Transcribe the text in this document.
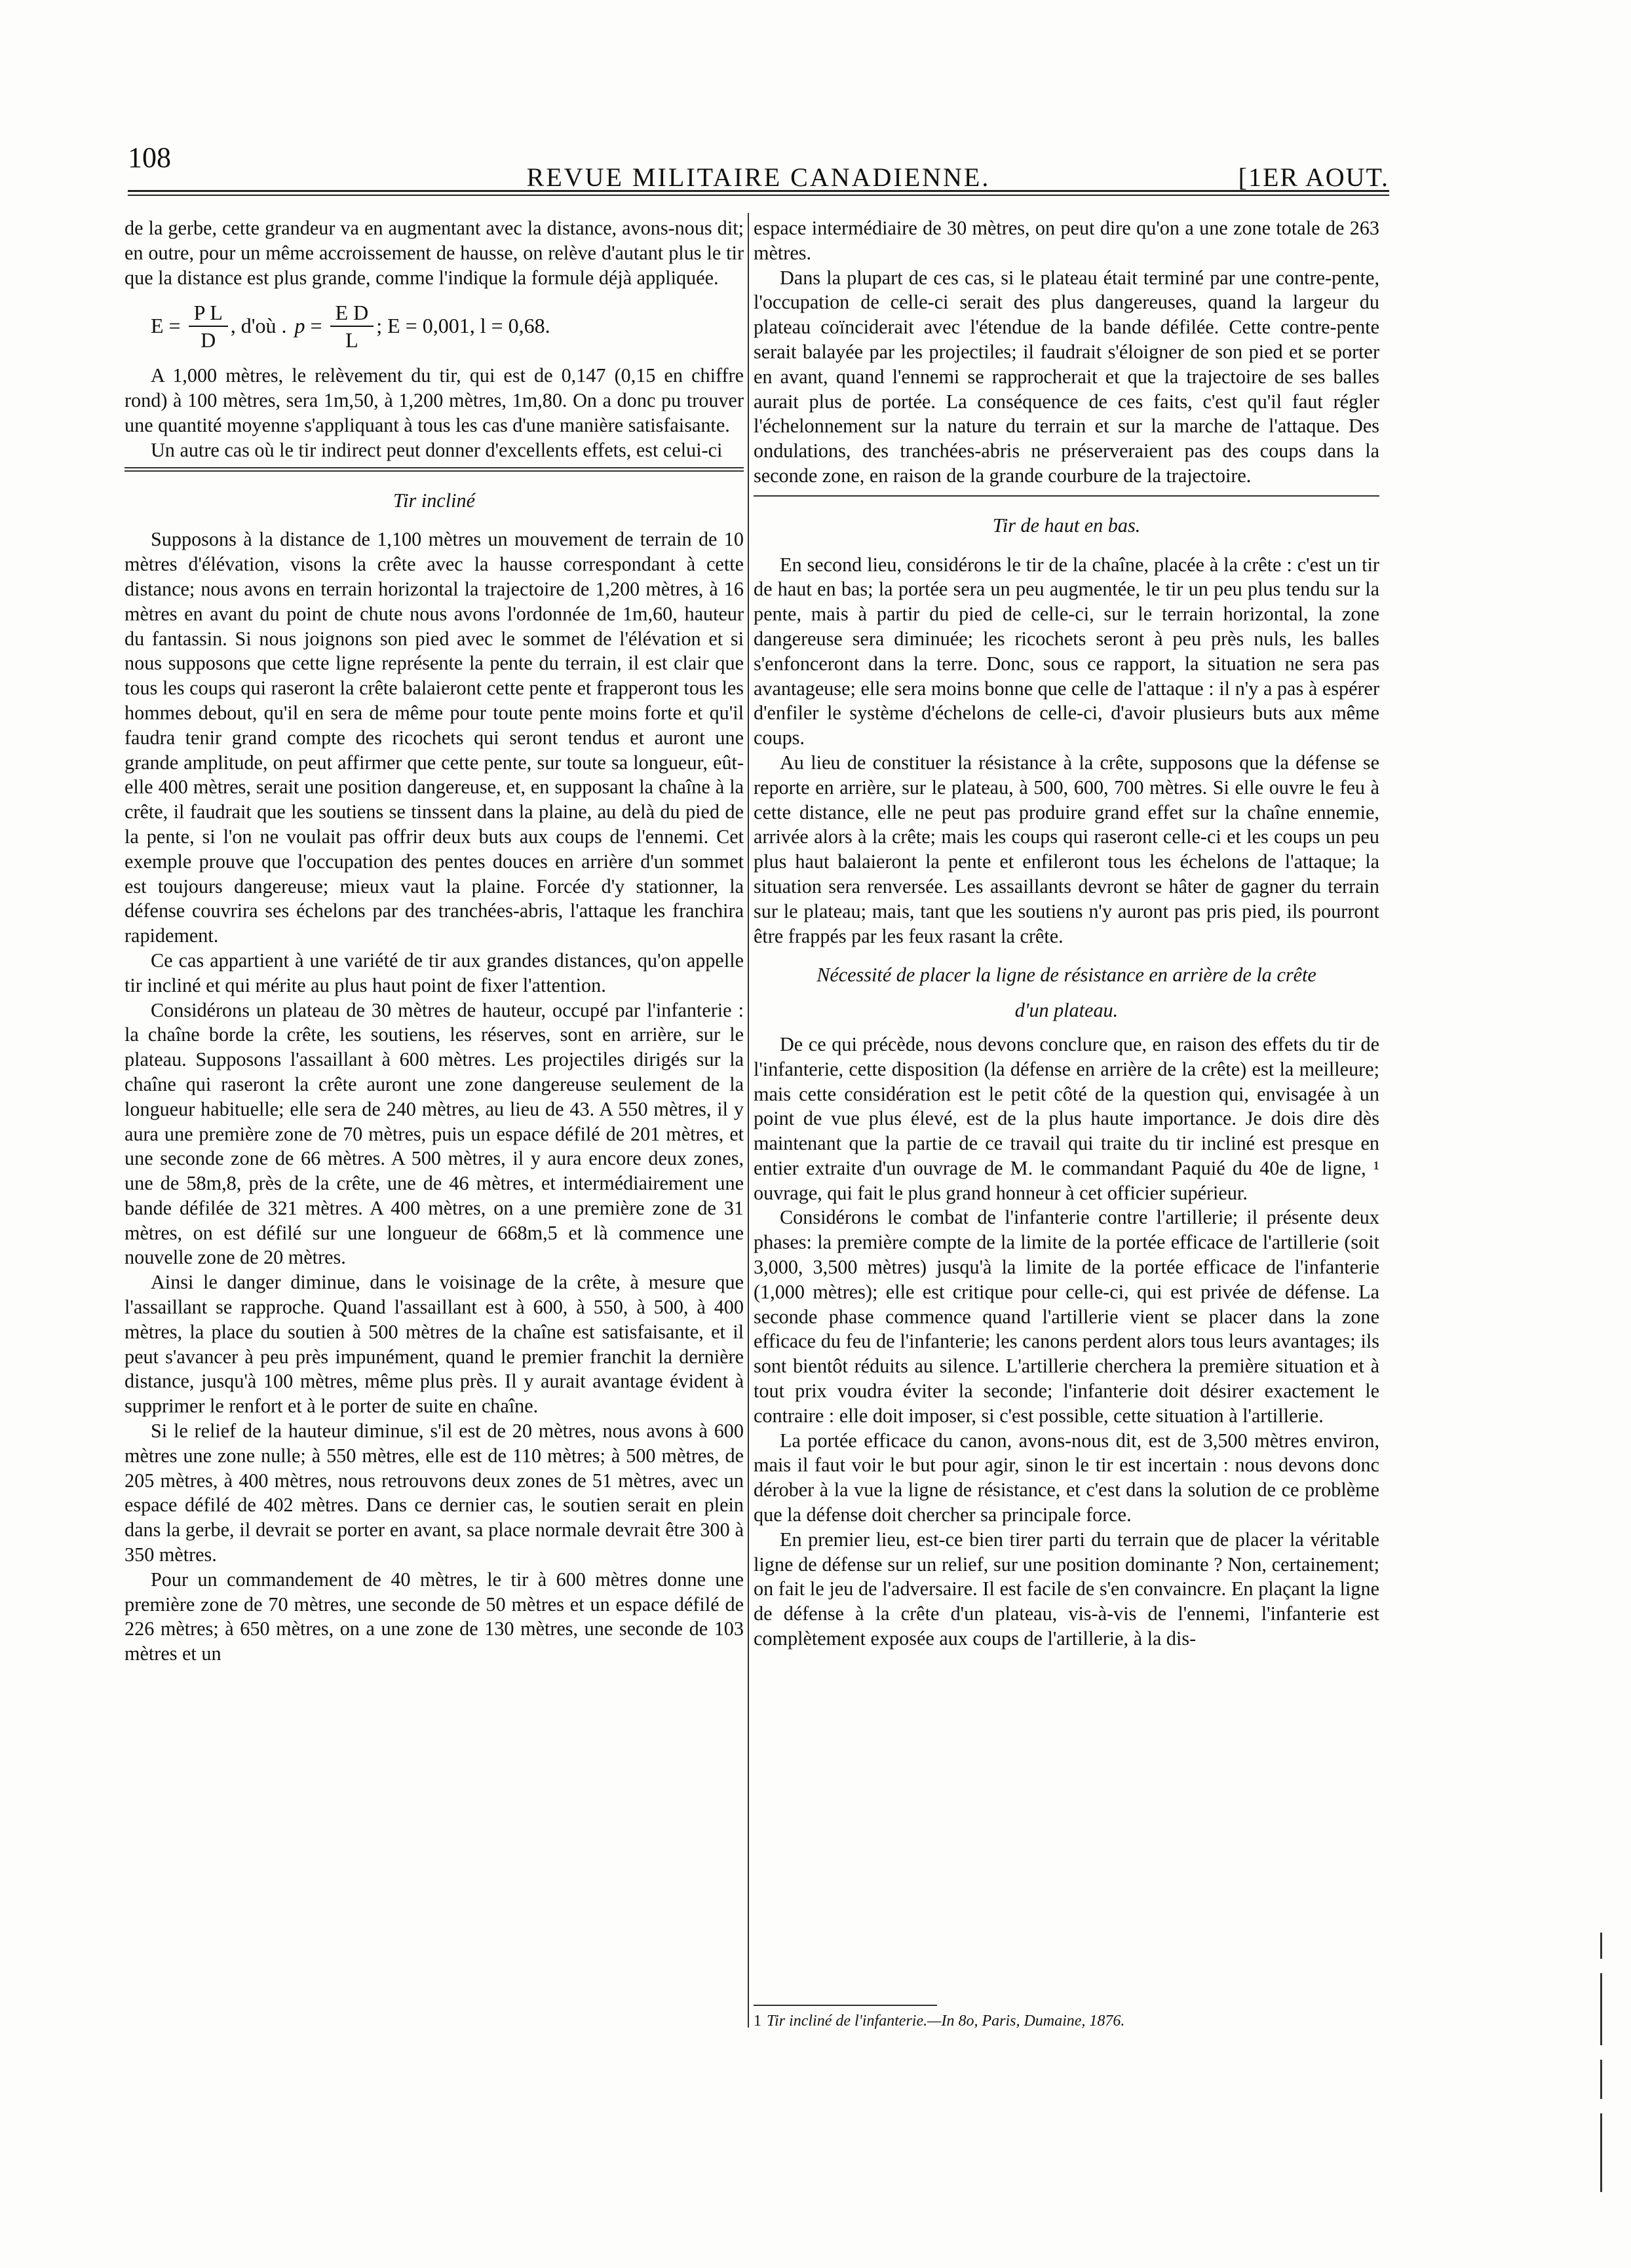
108
REVUE MILITAIRE CANADIENNE.	[1ER AOUT.

de la gerbe, cette grandeur va en augmentant avec la distance, avons-nous dit; en outre, pour un même accroissement de hausse, on relève d'autant plus le tir que la distance est plus grande, comme l'indique la formule déjà appliquée.

$E = \frac{\text{P L}}{D}$ , d'où . $p = \frac{\text{E D}}{L}$ ; E = 0,001, l = 0,68.

A 1,000 mètres, le relèvement du tir, qui est de 0,147 (0,15 en chiffre rond) à 100 mètres, sera 1m,50, à 1,200 mètres, 1m,80. On a donc pu trouver une quantité moyenne s'appliquant à tous les cas d'une manière satisfaisante.

Un autre cas où le tir indirect peut donner d'excellents effets, est celui-ci

Tir incliné

Supposons à la distance de 1,100 mètres un mouvement de terrain de 10 mètres d'élévation, visons la crête avec la hausse correspondant à cette distance; nous avons en terrain horizontal la trajectoire de 1,200 mètres, à 16 mètres en avant du point de chute nous avons l'ordonnée de 1m,60, hauteur du fantassin. Si nous joignons son pied avec le sommet de l'élévation et si nous supposons que cette ligne représente la pente du terrain, il est clair que tous les coups qui raseront la crête balaieront cette pente et frapperont tous les hommes debout, qu'il en sera de même pour toute pente moins forte et qu'il faudra tenir grand compte des ricochets qui seront tendus et auront une grande amplitude, on peut affirmer que cette pente, sur toute sa longueur, eût-elle 400 mètres, serait une position dangereuse, et, en supposant la chaîne à la crête, il faudrait que les soutiens se tinssent dans la plaine, au delà du pied de la pente, si l'on ne voulait pas offrir deux buts aux coups de l'ennemi. Cet exemple prouve que l'occupation des pentes douces en arrière d'un sommet est toujours dangereuse; mieux vaut la plaine. Forcée d'y stationner, la défense couvrira ses échelons par des tranchées-abris, l'attaque les franchira rapidement.

Ce cas appartient à une variété de tir aux grandes distances, qu'on appelle tir incliné et qui mérite au plus haut point de fixer l'attention.

Considérons un plateau de 30 mètres de hauteur, occupé par l'infanterie : la chaîne borde la crête, les soutiens, les réserves, sont en arrière, sur le plateau. Supposons l'assaillant à 600 mètres. Les projectiles dirigés sur la chaîne qui raseront la crête auront une zone dangereuse seulement de la longueur habituelle; elle sera de 240 mètres, au lieu de 43. A 550 mètres, il y aura une première zone de 70 mètres, puis un espace défilé de 201 mètres, et une seconde zone de 66 mètres. A 500 mètres, il y aura encore deux zones, une de 58m,8, près de la crête, une de 46 mètres, et intermédiairement une bande défilée de 321 mètres. A 400 mètres, on a une première zone de 31 mètres, on est défilé sur une longueur de 668m,5 et là commence une nouvelle zone de 20 mètres.

Ainsi le danger diminue, dans le voisinage de la crête, à mesure que l'assaillant se rapproche. Quand l'assaillant est à 600, à 550, à 500, à 400 mètres, la place du soutien à 500 mètres de la chaîne est satisfaisante, et il peut s'avancer à peu près impunément, quand le premier franchit la dernière distance, jusqu'à 100 mètres, même plus près. Il y aurait avantage évident à supprimer le renfort et à le porter de suite en chaîne.

Si le relief de la hauteur diminue, s'il est de 20 mètres, nous avons à 600 mètres une zone nulle; à 550 mètres, elle est de 110 mètres; à 500 mètres, de 205 mètres, à 400 mètres, nous retrouvons deux zones de 51 mètres, avec un espace défilé de 402 mètres. Dans ce dernier cas, le soutien serait en plein dans la gerbe, il devrait se porter en avant, sa place normale devrait être 300 à 350 mètres.

Pour un commandement de 40 mètres, le tir à 600 mètres donne une première zone de 70 mètres, une seconde de 50 mètres et un espace défilé de 226 mètres; à 650 mètres, on a une zone de 130 mètres, une seconde de 103 mètres et un

espace intermédiaire de 30 mètres, on peut dire qu'on a une zone totale de 263 mètres.

Dans la plupart de ces cas, si le plateau était terminé par une contre-pente, l'occupation de celle-ci serait des plus dangereuses, quand la largeur du plateau coïnciderait avec l'étendue de la bande défilée. Cette contre-pente serait balayée par les projectiles; il faudrait s'éloigner de son pied et se porter en avant, quand l'ennemi se rapprocherait et que la trajectoire de ses balles aurait plus de portée. La conséquence de ces faits, c'est qu'il faut régler l'échelonnement sur la nature du terrain et sur la marche de l'attaque. Des ondulations, des tranchées-abris ne préserveraient pas des coups dans la seconde zone, en raison de la grande courbure de la trajectoire.

Tir de haut en bas.

En second lieu, considérons le tir de la chaîne, placée à la crête : c'est un tir de haut en bas; la portée sera un peu augmentée, le tir un peu plus tendu sur la pente, mais à partir du pied de celle-ci, sur le terrain horizontal, la zone dangereuse sera diminuée; les ricochets seront à peu près nuls, les balles s'enfonceront dans la terre. Donc, sous ce rapport, la situation ne sera pas avantageuse; elle sera moins bonne que celle de l'attaque : il n'y a pas à espérer d'enfiler le système d'échelons de celle-ci, d'avoir plusieurs buts aux même coups.

Au lieu de constituer la résistance à la crête, supposons que la défense se reporte en arrière, sur le plateau, à 500, 600, 700 mètres. Si elle ouvre le feu à cette distance, elle ne peut pas produire grand effet sur la chaîne ennemie, arrivée alors à la crête; mais les coups qui raseront celle-ci et les coups un peu plus haut balaieront la pente et enfileront tous les échelons de l'attaque; la situation sera renversée. Les assaillants devront se hâter de gagner du terrain sur le plateau; mais, tant que les soutiens n'y auront pas pris pied, ils pourront être frappés par les feux rasant la crête.

Nécessité de placer la ligne de résistance en arrière de la crête
d'un plateau.

De ce qui précède, nous devons conclure que, en raison des effets du tir de l'infanterie, cette disposition (la défense en arrière de la crête) est la meilleure; mais cette considération est le petit côté de la question qui, envisagée à un point de vue plus élevé, est de la plus haute importance. Je dois dire dès maintenant que la partie de ce travail qui traite du tir incliné est presque en entier extraite d'un ouvrage de M. le commandant Paquié du 40e de ligne, ¹ ouvrage, qui fait le plus grand honneur à cet officier supérieur.

Considérons le combat de l'infanterie contre l'artillerie; il présente deux phases: la première compte de la limite de la portée efficace de l'artillerie (soit 3,000, 3,500 mètres) jusqu'à la limite de la portée efficace de l'infanterie (1,000 mètres); elle est critique pour celle-ci, qui est privée de défense. La seconde phase commence quand l'artillerie vient se placer dans la zone efficace du feu de l'infanterie; les canons perdent alors tous leurs avantages; ils sont bientôt réduits au silence. L'artillerie cherchera la première situation et à tout prix voudra éviter la seconde; l'infanterie doit désirer exactement le contraire : elle doit imposer, si c'est possible, cette situation à l'artillerie.

La portée efficace du canon, avons-nous dit, est de 3,500 mètres environ, mais il faut voir le but pour agir, sinon le tir est incertain : nous devons donc dérober à la vue la ligne de résistance, et c'est dans la solution de ce problème que la défense doit chercher sa principale force.

En premier lieu, est-ce bien tirer parti du terrain que de placer la véritable ligne de défense sur un relief, sur une position dominante ? Non, certainement; on fait le jeu de l'adversaire. Il est facile de s'en convaincre. En plaçant la ligne de défense à la crête d'un plateau, vis-à-vis de l'ennemi, l'infanterie est complètement exposée aux coups de l'artillerie, à la dis-

1 Tir incliné de l'infanterie.—In 8o, Paris, Dumaine, 1876.
